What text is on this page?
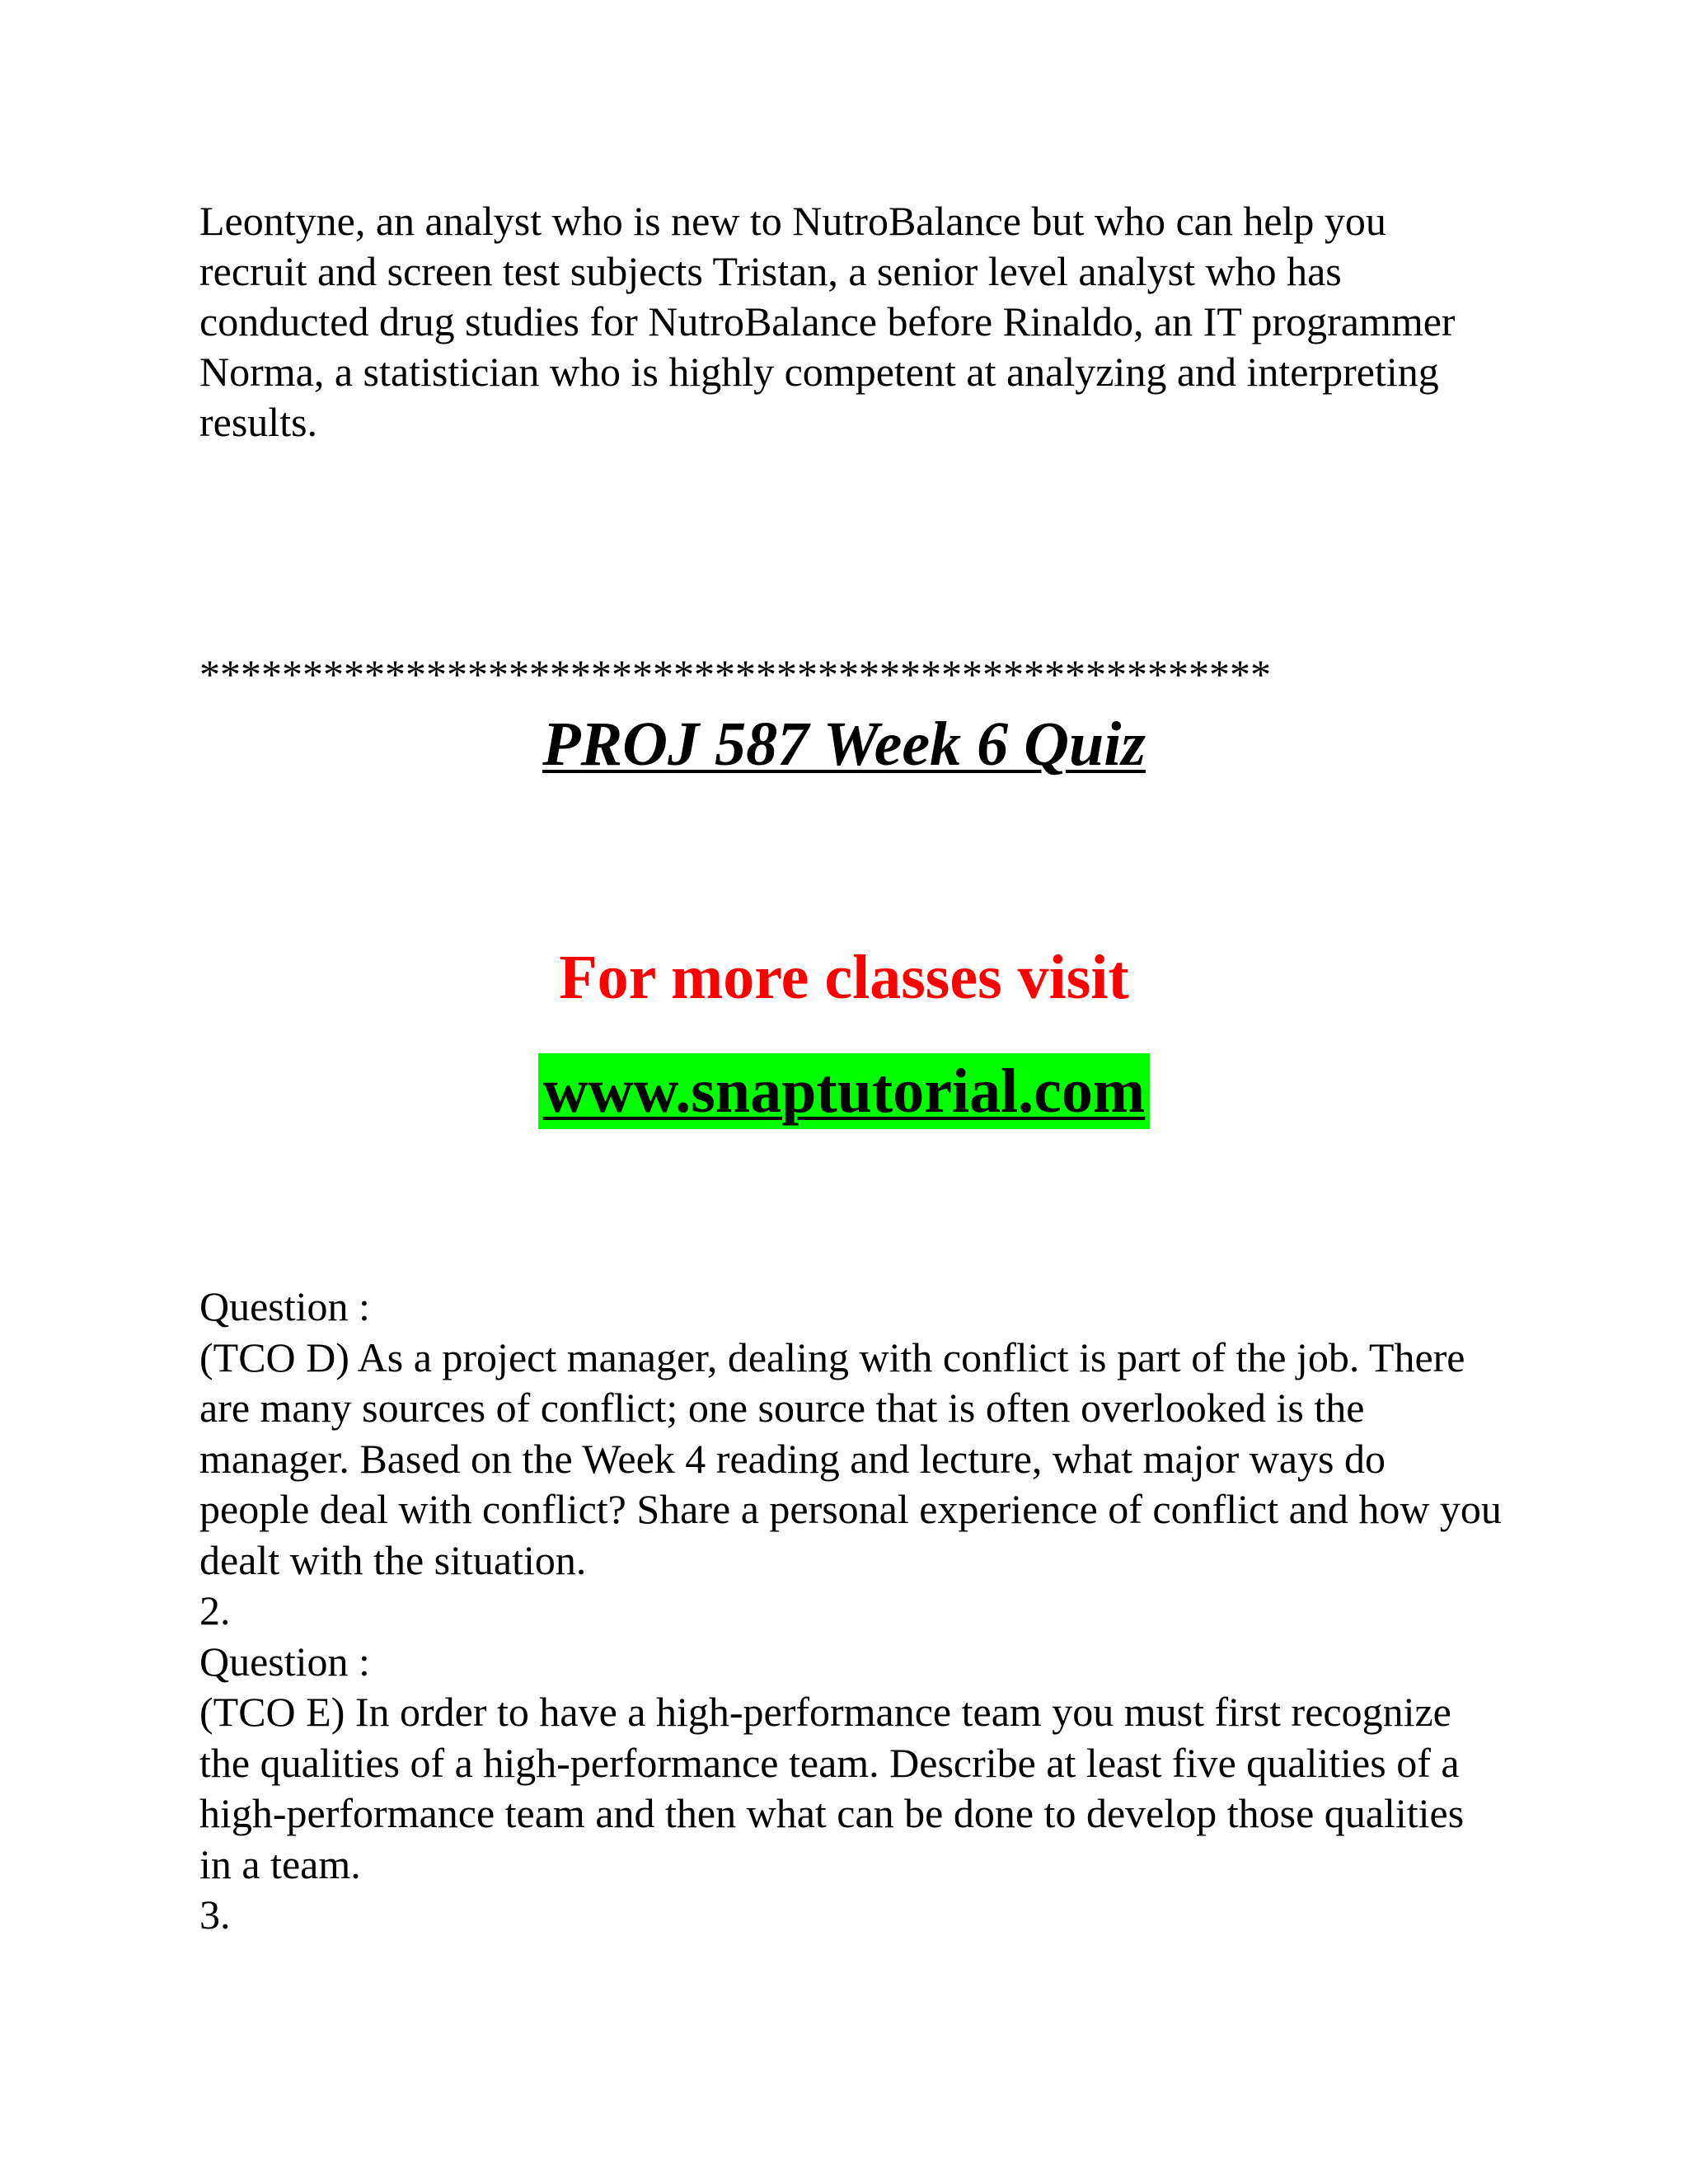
Leontyne, an analyst who is new to NutroBalance but who can help you recruit and screen test subjects Tristan, a senior level analyst who has conducted drug studies for NutroBalance before Rinaldo, an IT programmer Norma, a statistician who is highly competent at analyzing and interpreting results.

****************************************************

PROJ 587 Week 6 Quiz

For more classes visit

www.snaptutorial.com

Question :

(TCO D) As a project manager, dealing with conflict is part of the job. There are many sources of conflict; one source that is often overlooked is the manager. Based on the Week 4 reading and lecture, what major ways do people deal with conflict? Share a personal experience of conflict and how you dealt with the situation.

2.

Question :

(TCO E) In order to have a high-performance team you must first recognize the qualities of a high-performance team. Describe at least five qualities of a high-performance team and then what can be done to develop those qualities in a team.

3.
